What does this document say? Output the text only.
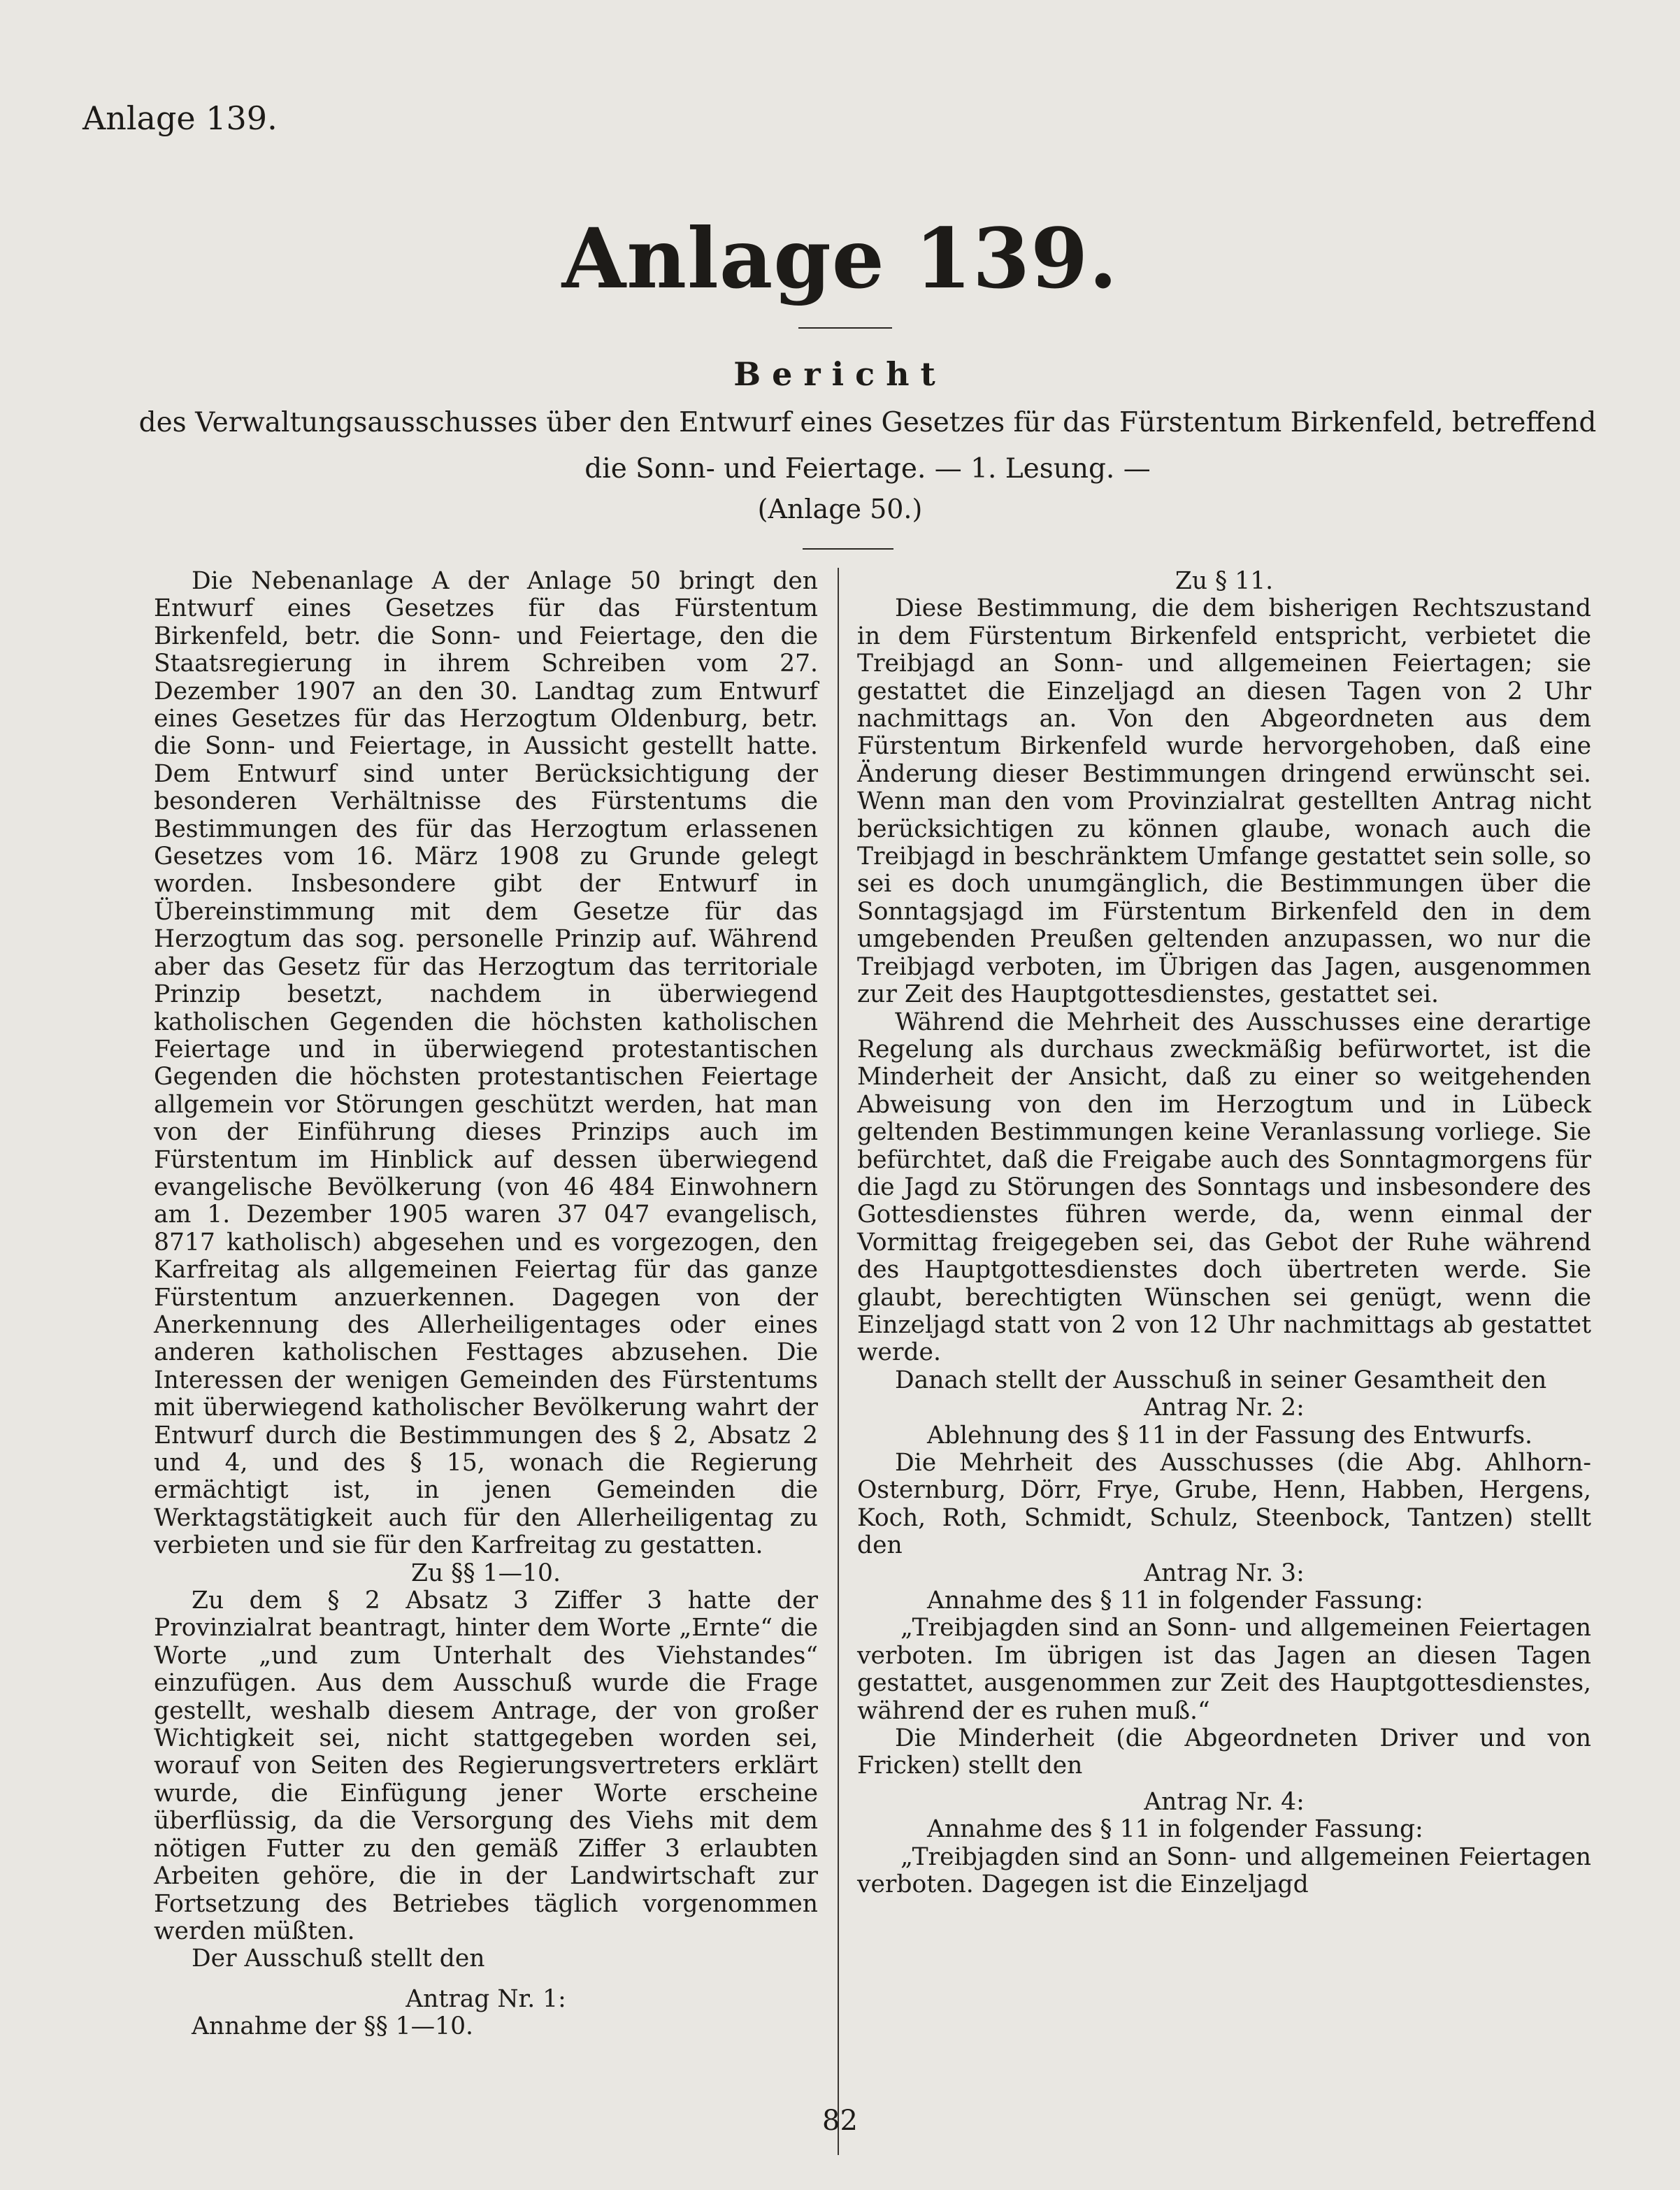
Anlage 139.
Anlage 139.
Bericht
des Verwaltungsausschusses über den Entwurf eines Gesetzes für das Fürstentum Birkenfeld, betreffend
die Sonn- und Feiertage. — 1. Lesung. —
(Anlage 50.)

Die Nebenanlage A der Anlage 50 bringt den Entwurf eines Gesetzes für das Fürstentum Birkenfeld, betr. die Sonn- und Feiertage, den die Staatsregierung in ihrem Schreiben vom 27. Dezember 1907 an den 30. Landtag zum Entwurf eines Gesetzes für das Herzogtum Oldenburg, betr. die Sonn- und Feiertage, in Aussicht gestellt hatte. Dem Entwurf sind unter Berücksichtigung der besonderen Verhältnisse des Fürstentums die Bestimmungen des für das Herzogtum erlassenen Gesetzes vom 16. März 1908 zu Grunde gelegt worden. Insbesondere gibt der Entwurf in Übereinstimmung mit dem Gesetze für das Herzogtum das sog. personelle Prinzip auf. Während aber das Gesetz für das Herzogtum das territoriale Prinzip besetzt, nachdem in überwiegend katholischen Gegenden die höchsten katholischen Feiertage und in überwiegend protestantischen Gegenden die höchsten protestantischen Feiertage allgemein vor Störungen geschützt werden, hat man von der Einführung dieses Prinzips auch im Fürstentum im Hinblick auf dessen überwiegend evangelische Bevölkerung (von 46 484 Einwohnern am 1. Dezember 1905 waren 37 047 evangelisch, 8717 katholisch) abgesehen und es vorgezogen, den Karfreitag als allgemeinen Feiertag für das ganze Fürstentum anzuerkennen. Dagegen von der Anerkennung des Allerheiligentages oder eines anderen katholischen Festtages abzusehen. Die Interessen der wenigen Gemeinden des Fürstentums mit überwiegend katholischer Bevölkerung wahrt der Entwurf durch die Bestimmungen des § 2, Absatz 2 und 4, und des § 15, wonach die Regierung ermächtigt ist, in jenen Gemeinden die Werktagstätigkeit auch für den Allerheiligentag zu verbieten und sie für den Karfreitag zu gestatten.

Zu §§ 1—10.

Zu dem § 2 Absatz 3 Ziffer 3 hatte der Provinzialrat beantragt, hinter dem Worte „Ernte“ die Worte „und zum Unterhalt des Viehstandes“ einzufügen. Aus dem Ausschuß wurde die Frage gestellt, weshalb diesem Antrage, der von großer Wichtigkeit sei, nicht stattgegeben worden sei, worauf von Seiten des Regierungsvertreters erklärt wurde, die Einfügung jener Worte erscheine überflüssig, da die Versorgung des Viehs mit dem nötigen Futter zu den gemäß Ziffer 3 erlaubten Arbeiten gehöre, die in der Landwirtschaft zur Fortsetzung des Betriebes täglich vorgenommen werden müßten.

Der Ausschuß stellt den

Antrag Nr. 1:

Annahme der §§ 1—10.

Zu § 11.

Diese Bestimmung, die dem bisherigen Rechtszustand in dem Fürstentum Birkenfeld entspricht, verbietet die Treibjagd an Sonn- und allgemeinen Feiertagen; sie gestattet die Einzeljagd an diesen Tagen von 2 Uhr nachmittags an. Von den Abgeordneten aus dem Fürstentum Birkenfeld wurde hervorgehoben, daß eine Änderung dieser Bestimmungen dringend erwünscht sei. Wenn man den vom Provinzialrat gestellten Antrag nicht berücksichtigen zu können glaube, wonach auch die Treibjagd in beschränktem Umfange gestattet sein solle, so sei es doch unumgänglich, die Bestimmungen über die Sonntagsjagd im Fürstentum Birkenfeld den in dem umgebenden Preußen geltenden anzupassen, wo nur die Treibjagd verboten, im Übrigen das Jagen, ausgenommen zur Zeit des Hauptgottesdienstes, gestattet sei.

Während die Mehrheit des Ausschusses eine derartige Regelung als durchaus zweckmäßig befürwortet, ist die Minderheit der Ansicht, daß zu einer so weitgehenden Abweisung von den im Herzogtum und in Lübeck geltenden Bestimmungen keine Veranlassung vorliege. Sie befürchtet, daß die Freigabe auch des Sonntagmorgens für die Jagd zu Störungen des Sonntags und insbesondere des Gottesdienstes führen werde, da, wenn einmal der Vormittag freigegeben sei, das Gebot der Ruhe während des Hauptgottesdienstes doch übertreten werde. Sie glaubt, berechtigten Wünschen sei genügt, wenn die Einzeljagd statt von 2 von 12 Uhr nachmittags ab gestattet werde.

Danach stellt der Ausschuß in seiner Gesamtheit den

Antrag Nr. 2:

Ablehnung des § 11 in der Fassung des Entwurfs.

Die Mehrheit des Ausschusses (die Abg. Ahlhorn-Osternburg, Dörr, Frye, Grube, Henn, Habben, Hergens, Koch, Roth, Schmidt, Schulz, Steenbock, Tantzen) stellt den

Antrag Nr. 3:

Annahme des § 11 in folgender Fassung:

„Treibjagden sind an Sonn- und allgemeinen Feiertagen verboten. Im übrigen ist das Jagen an diesen Tagen gestattet, ausgenommen zur Zeit des Hauptgottesdienstes, während der es ruhen muß.“

Die Minderheit (die Abgeordneten Driver und von Fricken) stellt den

Antrag Nr. 4:

Annahme des § 11 in folgender Fassung:

„Treibjagden sind an Sonn- und allgemeinen Feiertagen verboten. Dagegen ist die Einzeljagd

82
